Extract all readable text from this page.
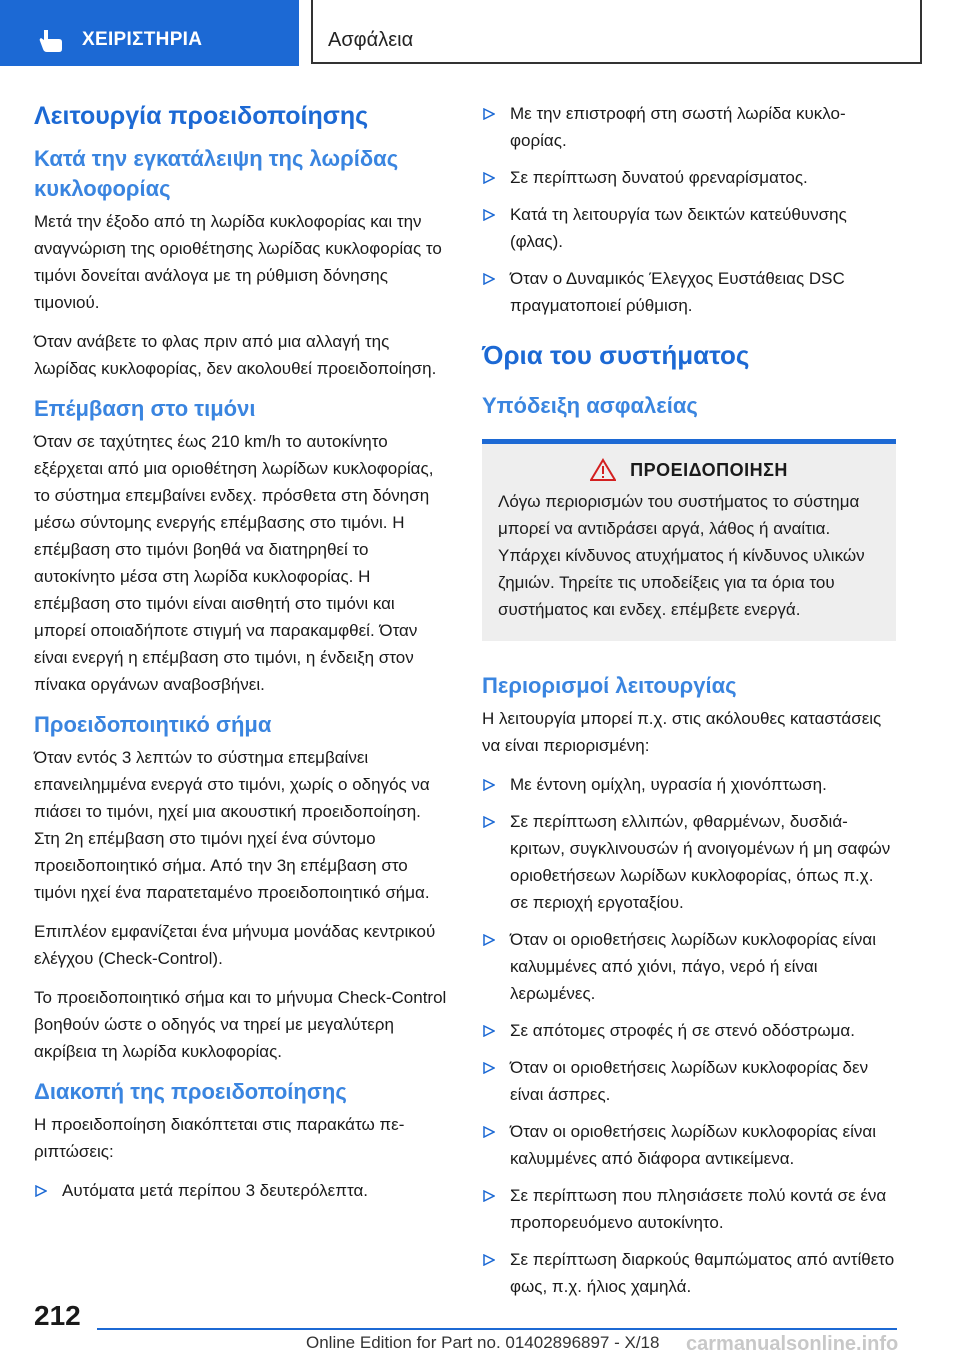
ΧΕΙΡΙΣΤΗΡΙΑ	Ασφάλεια
Λειτουργία προειδοποίησης
Κατά την εγκατάλειψη της λωρίδας κυκλοφορίας

Μετά την έξοδο από τη λωρίδα κυκλοφορίας και την αναγνώριση της οριοθέτησης λωρίδας κυκλοφορίας το τιμόνι δονείται ανάλογα με τη ρύθμιση δόνησης τιμονιού.

Όταν ανάβετε το φλας πριν από μια αλλαγή της λωρίδας κυκλοφορίας, δεν ακολουθεί προειδοποίηση.

Επέμβαση στο τιμόνι

Όταν σε ταχύτητες έως 210 km/h το αυτοκίνητο εξέρχεται από μια οριοθέτηση λωρίδων κυκλοφορίας, το σύστημα επεμβαίνει ενδεχ. πρόσθετα στη δόνηση μέσω σύντομης ενεργής επέμβασης στο τιμόνι. Η επέμβαση στο τιμόνι βοηθά να διατηρηθεί το αυτοκίνητο μέσα στη λωρίδα κυκλοφορίας. Η επέμβαση στο τιμόνι είναι αισθητή στο τιμόνι και μπορεί οποιαδήποτε στιγμή να παρακαμφθεί. Όταν είναι ενεργή η επέμβαση στο τιμόνι, η ένδειξη στον πίνακα οργάνων αναβοσβήνει.

Προειδοποιητικό σήμα

Όταν εντός 3 λεπτών το σύστημα επεμβαίνει επανειλημμένα ενεργά στο τιμόνι, χωρίς ο οδηγός να πιάσει το τιμόνι, ηχεί μια ακουστική προειδοποίηση. Στη 2η επέμβαση στο τιμόνι ηχεί ένα σύντομο προειδοποιητικό σήμα. Από την 3η επέμβαση στο τιμόνι ηχεί ένα παρατεταμένο προειδοποιητικό σήμα.

Επιπλέον εμφανίζεται ένα μήνυμα μονάδας κεντρικού ελέγχου (Check-Control).

Το προειδοποιητικό σήμα και το μήνυμα Check-Control βοηθούν ώστε ο οδηγός να τηρεί με μεγαλύτερη ακρίβεια τη λωρίδα κυκλοφορίας.

Διακοπή της προειδοποίησης

Η προειδοποίηση διακόπτεται στις παρακάτω περιπτώσεις:

Αυτόματα μετά περίπου 3 δευτερόλεπτα.
Με την επιστροφή στη σωστή λωρίδα κυκλοφορίας.
Σε περίπτωση δυνατού φρεναρίσματος.
Κατά τη λειτουργία των δεικτών κατεύθυνσης (φλας).
Όταν ο Δυναμικός Έλεγχος Ευστάθειας DSC πραγματοποιεί ρύθμιση.
Όρια του συστήματος
Υπόδειξη ασφαλείας
ΠΡΟΕΙΔΟΠΟΙΗΣΗ

Λόγω περιορισμών του συστήματος το σύστημα μπορεί να αντιδράσει αργά, λάθος ή αναίτια. Υπάρχει κίνδυνος ατυχήματος ή κίνδυνος υλικών ζημιών. Τηρείτε τις υποδείξεις για τα όρια του συστήματος και ενδεχ. επέμβετε ενεργά.

Περιορισμοί λειτουργίας

Η λειτουργία μπορεί π.χ. στις ακόλουθες καταστάσεις να είναι περιορισμένη:

Με έντονη ομίχλη, υγρασία ή χιονόπτωση.
Σε περίπτωση ελλιπών, φθαρμένων, δυσδιάκριτων, συγκλινουσών ή ανοιγομένων ή μη σαφών οριοθετήσεων λωρίδων κυκλοφορίας, όπως π.χ. σε περιοχή εργοταξίου.
Όταν οι οριοθετήσεις λωρίδων κυκλοφορίας είναι καλυμμένες από χιόνι, πάγο, νερό ή είναι λερωμένες.
Σε απότομες στροφές ή σε στενό οδόστρωμα.
Όταν οι οριοθετήσεις λωρίδων κυκλοφορίας δεν είναι άσπρες.
Όταν οι οριοθετήσεις λωρίδων κυκλοφορίας είναι καλυμμένες από διάφορα αντικείμενα.
Σε περίπτωση που πλησιάσετε πολύ κοντά σε ένα προπορευόμενο αυτοκίνητο.
Σε περίπτωση διαρκούς θαμπώματος από αντίθετο φως, π.χ. ήλιος χαμηλά.
212
Online Edition for Part no. 01402896897 - X/18 carmanualsonline.info
